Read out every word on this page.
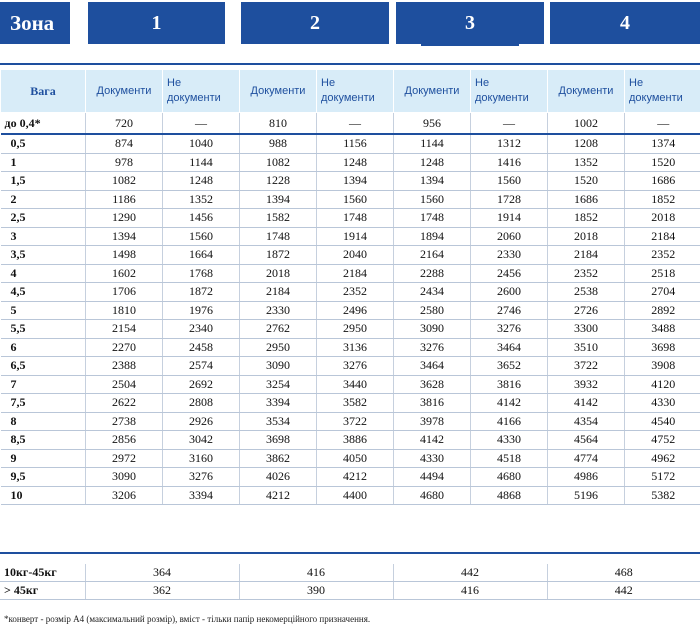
Зона	1	2	3	4
Вага	Документи	Не документи	Документи	Не документи	Документи	Не документи	Документи	Не документи
до 0,4*	720	—	810	—	956	—	1002	—
0,5	874	1040	988	1156	1144	1312	1208	1374
1	978	1144	1082	1248	1248	1416	1352	1520
1,5	1082	1248	1228	1394	1394	1560	1520	1686
2	1186	1352	1394	1560	1560	1728	1686	1852
2,5	1290	1456	1582	1748	1748	1914	1852	2018
3	1394	1560	1748	1914	1894	2060	2018	2184
3,5	1498	1664	1872	2040	2164	2330	2184	2352
4	1602	1768	2018	2184	2288	2456	2352	2518
4,5	1706	1872	2184	2352	2434	2600	2538	2704
5	1810	1976	2330	2496	2580	2746	2726	2892
5,5	2154	2340	2762	2950	3090	3276	3300	3488
6	2270	2458	2950	3136	3276	3464	3510	3698
6,5	2388	2574	3090	3276	3464	3652	3722	3908
7	2504	2692	3254	3440	3628	3816	3932	4120
7,5	2622	2808	3394	3582	3816	4142	4142	4330
8	2738	2926	3534	3722	3978	4166	4354	4540
8,5	2856	3042	3698	3886	4142	4330	4564	4752
9	2972	3160	3862	4050	4330	4518	4774	4962
9,5	3090	3276	4026	4212	4494	4680	4986	5172
10	3206	3394	4212	4400	4680	4868	5196	5382
10кг-45кг	364	416	442	468
> 45кг	362	390	416	442
*конверт - розмір А4 (максимальний розмір), вміст - тільки папір некомерційного призначення.
